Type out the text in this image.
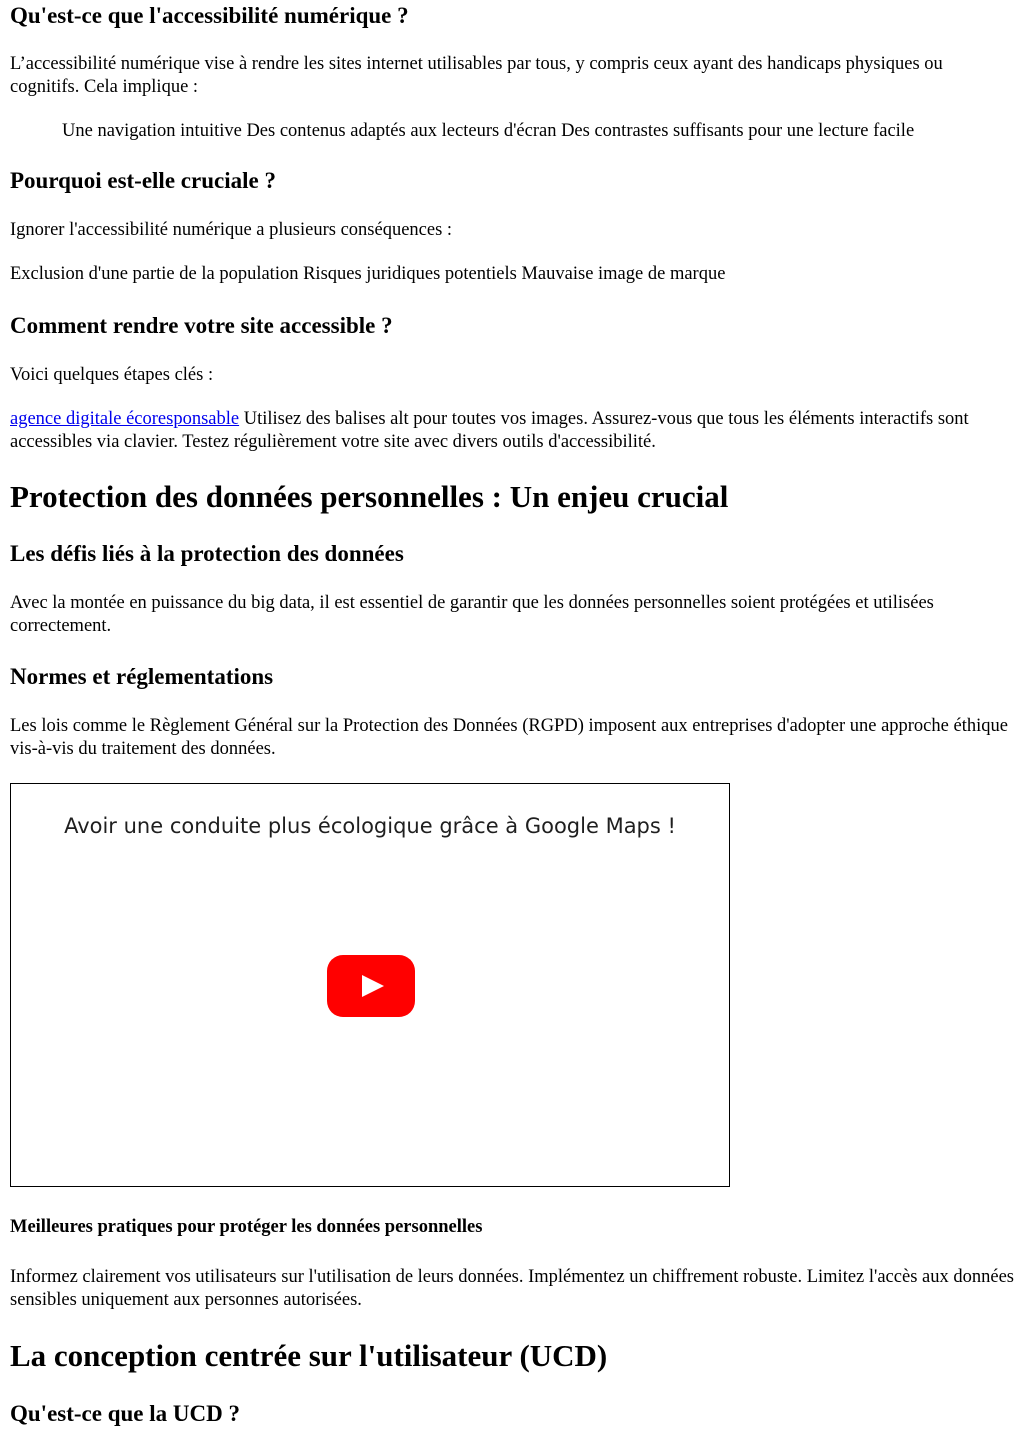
Qu'est-ce que l'accessibilité numérique ?

L’accessibilité numérique vise à rendre les sites internet utilisables par tous, y compris ceux ayant des handicaps physiques ou cognitifs. Cela implique :

Une navigation intuitive Des contenus adaptés aux lecteurs d'écran Des contrastes suffisants pour une lecture facile

Pourquoi est-elle cruciale ?

Ignorer l'accessibilité numérique a plusieurs conséquences :

Exclusion d'une partie de la population Risques juridiques potentiels Mauvaise image de marque

Comment rendre votre site accessible ?

Voici quelques étapes clés :

agence digitale écoresponsable Utilisez des balises alt pour toutes vos images. Assurez-vous que tous les éléments interactifs sont accessibles via clavier. Testez régulièrement votre site avec divers outils d'accessibilité.

Protection des données personnelles : Un enjeu crucial
Les défis liés à la protection des données

Avec la montée en puissance du big data, il est essentiel de garantir que les données personnelles soient protégées et utilisées correctement.

Normes et réglementations

Les lois comme le Règlement Général sur la Protection des Données (RGPD) imposent aux entreprises d'adopter une approche éthique vis-à-vis du traitement des données.

Avoir une conduite plus écologique grâce à Google Maps !
Meilleures pratiques pour protéger les données personnelles

Informez clairement vos utilisateurs sur l'utilisation de leurs données. Implémentez un chiffrement robuste. Limitez l'accès aux données sensibles uniquement aux personnes autorisées.

La conception centrée sur l'utilisateur (UCD)
Qu'est-ce que la UCD ?
